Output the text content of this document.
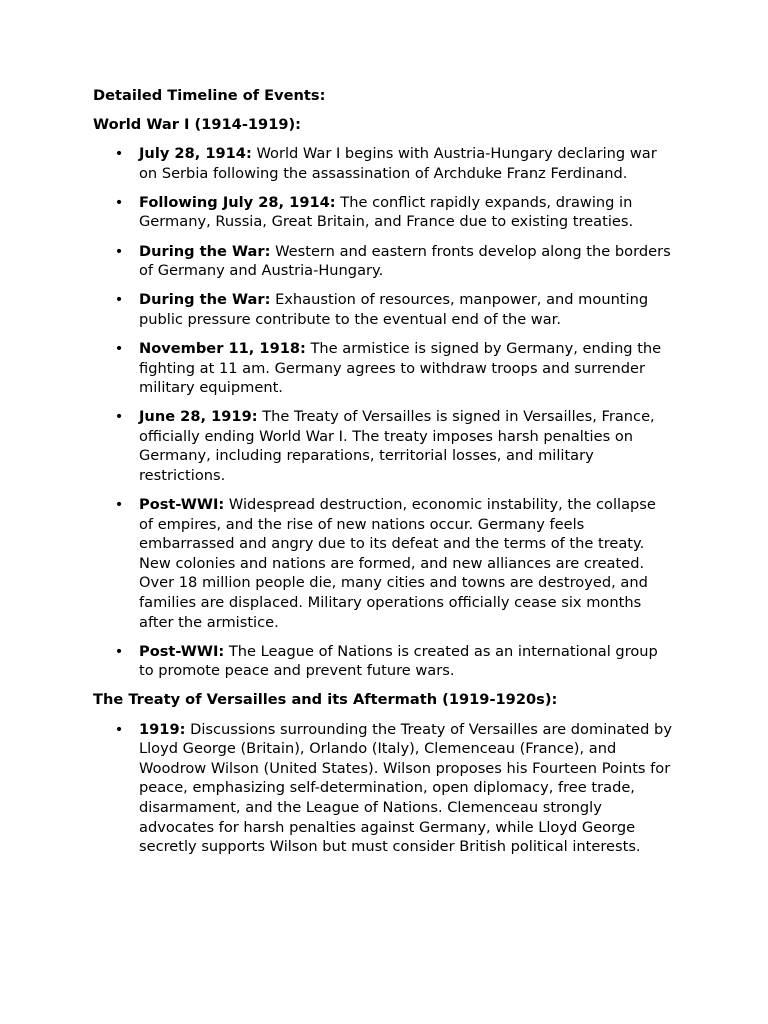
Detailed Timeline of Events:
World War I (1914-1919):
• July 28, 1914: World War I begins with Austria-Hungary declaring war on Serbia following the assassination of Archduke Franz Ferdinand.
• Following July 28, 1914: The conflict rapidly expands, drawing in Germany, Russia, Great Britain, and France due to existing treaties.
• During the War: Western and eastern fronts develop along the borders of Germany and Austria-Hungary.
• During the War: Exhaustion of resources, manpower, and mounting public pressure contribute to the eventual end of the war.
• November 11, 1918: The armistice is signed by Germany, ending the fighting at 11 am. Germany agrees to withdraw troops and surrender military equipment.
• June 28, 1919: The Treaty of Versailles is signed in Versailles, France, officially ending World War I. The treaty imposes harsh penalties on Germany, including reparations, territorial losses, and military restrictions.
• Post-WWI: Widespread destruction, economic instability, the collapse of empires, and the rise of new nations occur. Germany feels embarrassed and angry due to its defeat and the terms of the treaty. New colonies and nations are formed, and new alliances are created. Over 18 million people die, many cities and towns are destroyed, and families are displaced. Military operations officially cease six months after the armistice.
• Post-WWI: The League of Nations is created as an international group to promote peace and prevent future wars.
The Treaty of Versailles and its Aftermath (1919-1920s):
• 1919: Discussions surrounding the Treaty of Versailles are dominated by Lloyd George (Britain), Orlando (Italy), Clemenceau (France), and Woodrow Wilson (United States). Wilson proposes his Fourteen Points for peace, emphasizing self-determination, open diplomacy, free trade, disarmament, and the League of Nations. Clemenceau strongly advocates for harsh penalties against Germany, while Lloyd George secretly supports Wilson but must consider British political interests.
